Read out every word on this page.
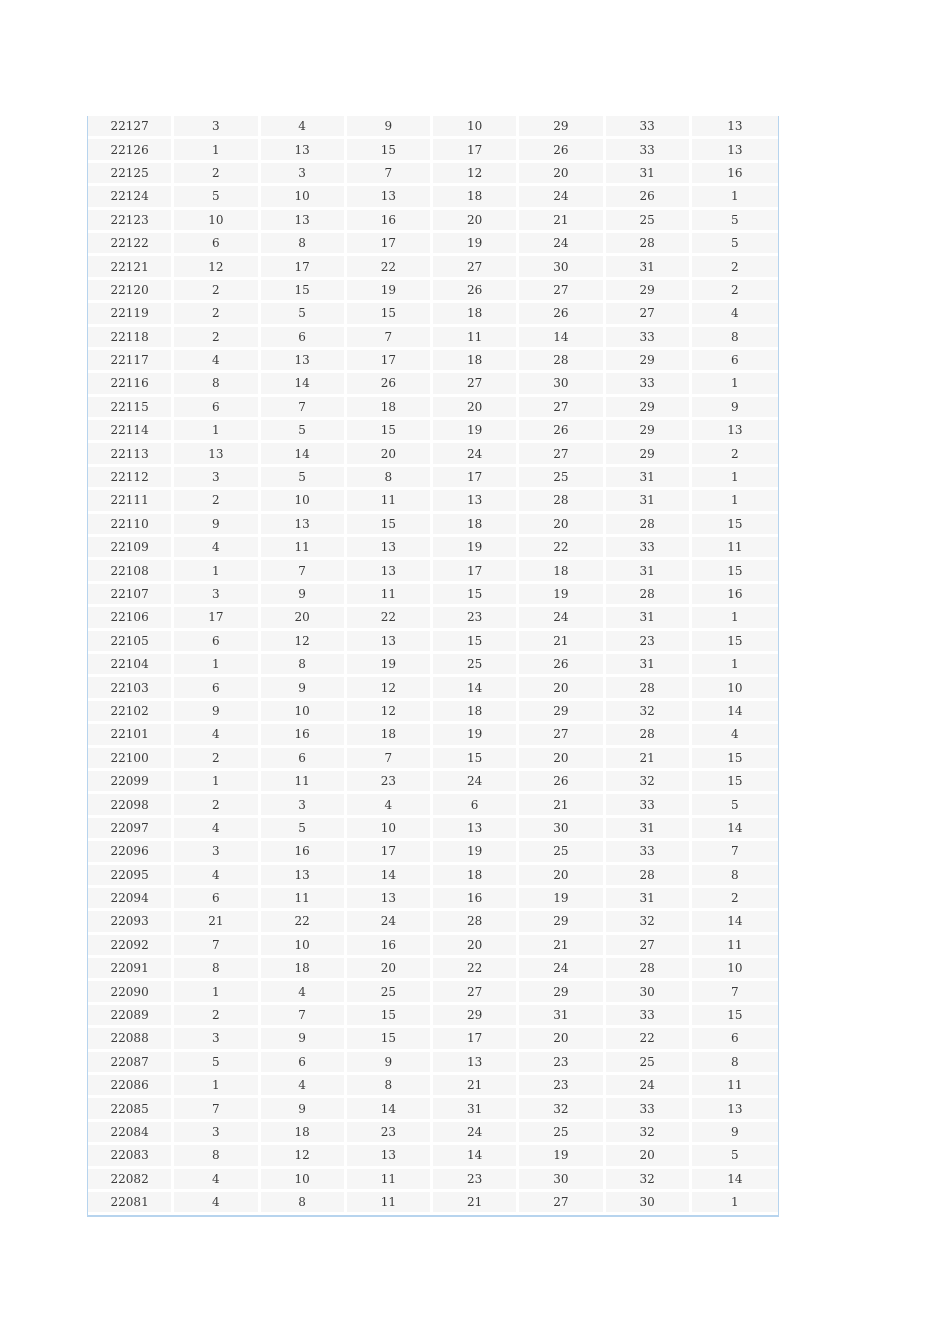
22127	3	4	9	10	29	33	13
22126	1	13	15	17	26	33	13
22125	2	3	7	12	20	31	16
22124	5	10	13	18	24	26	1
22123	10	13	16	20	21	25	5
22122	6	8	17	19	24	28	5
22121	12	17	22	27	30	31	2
22120	2	15	19	26	27	29	2
22119	2	5	15	18	26	27	4
22118	2	6	7	11	14	33	8
22117	4	13	17	18	28	29	6
22116	8	14	26	27	30	33	1
22115	6	7	18	20	27	29	9
22114	1	5	15	19	26	29	13
22113	13	14	20	24	27	29	2
22112	3	5	8	17	25	31	1
22111	2	10	11	13	28	31	1
22110	9	13	15	18	20	28	15
22109	4	11	13	19	22	33	11
22108	1	7	13	17	18	31	15
22107	3	9	11	15	19	28	16
22106	17	20	22	23	24	31	1
22105	6	12	13	15	21	23	15
22104	1	8	19	25	26	31	1
22103	6	9	12	14	20	28	10
22102	9	10	12	18	29	32	14
22101	4	16	18	19	27	28	4
22100	2	6	7	15	20	21	15
22099	1	11	23	24	26	32	15
22098	2	3	4	6	21	33	5
22097	4	5	10	13	30	31	14
22096	3	16	17	19	25	33	7
22095	4	13	14	18	20	28	8
22094	6	11	13	16	19	31	2
22093	21	22	24	28	29	32	14
22092	7	10	16	20	21	27	11
22091	8	18	20	22	24	28	10
22090	1	4	25	27	29	30	7
22089	2	7	15	29	31	33	15
22088	3	9	15	17	20	22	6
22087	5	6	9	13	23	25	8
22086	1	4	8	21	23	24	11
22085	7	9	14	31	32	33	13
22084	3	18	23	24	25	32	9
22083	8	12	13	14	19	20	5
22082	4	10	11	23	30	32	14
22081	4	8	11	21	27	30	1
